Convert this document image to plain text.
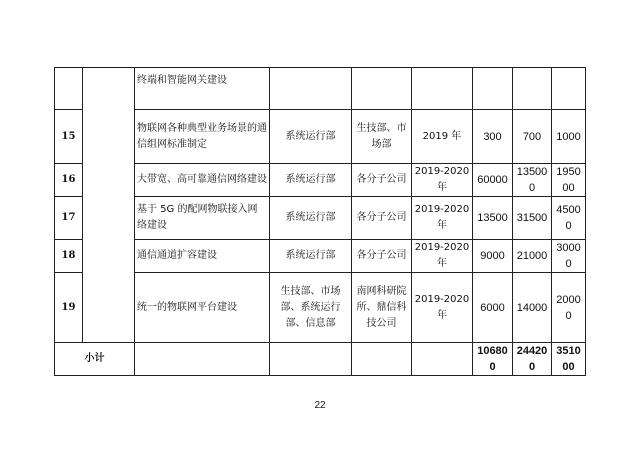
		终端和智能网关建设						
15		物联网各种典型业务场景的通信组网标准制定	系统运行部	生技部、市场部	2019 年	300	700	1000
16		大带宽、高可靠通信网络建设	系统运行部	各分子公司	2019-2020 年	60000	135000	195000
17		基于 5G 的配网物联接入网络建设	系统运行部	各分子公司	2019-2020 年	13500	31500	45000
18		通信通道扩容建设	系统运行部	各分子公司	2019-2020 年	9000	21000	30000
19		统一的物联网平台建设	生技部、市场部、系统运行部、信息部	南网科研院所、鼎信科技公司	2019-2020 年	6000	14000	20000
小计						106800	244200	351000
22
